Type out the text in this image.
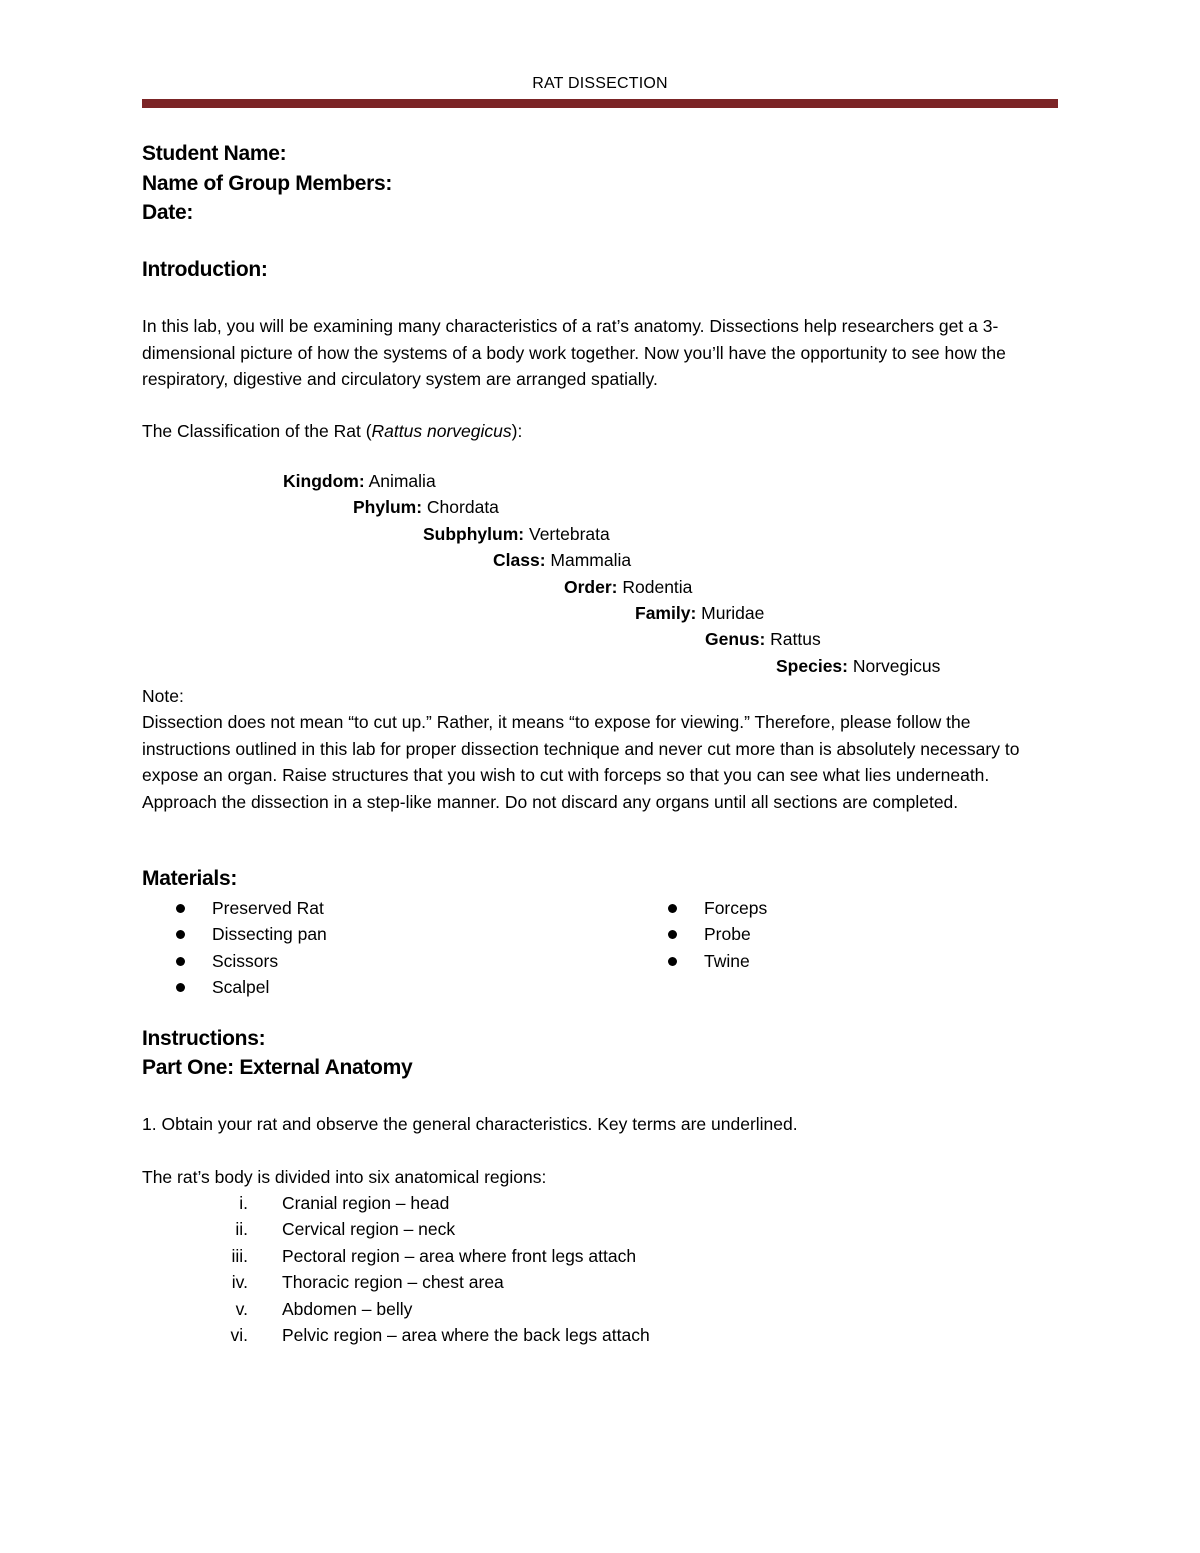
RAT DISSECTION
Student Name:
Name of Group Members:
Date:
Introduction:
In this lab, you will be examining many characteristics of a rat’s anatomy. Dissections help researchers get a 3-dimensional picture of how the systems of a body work together. Now you’ll have the opportunity to see how the respiratory, digestive and circulatory system are arranged spatially.
The Classification of the Rat (Rattus norvegicus):
Kingdom: Animalia
Phylum: Chordata
Subphylum: Vertebrata
Class: Mammalia
Order: Rodentia
Family: Muridae
Genus: Rattus
Species: Norvegicus
Note:
Dissection does not mean “to cut up.” Rather, it means “to expose for viewing.” Therefore, please follow the instructions outlined in this lab for proper dissection technique and never cut more than is absolutely necessary to expose an organ. Raise structures that you wish to cut with forceps so that you can see what lies underneath. Approach the dissection in a step-like manner. Do not discard any organs until all sections are completed.
Materials:
Preserved Rat
Dissecting pan
Scissors
Scalpel
Forceps
Probe
Twine
Instructions:
Part One: External Anatomy
1. Obtain your rat and observe the general characteristics. Key terms are underlined.
The rat’s body is divided into six anatomical regions:
i. Cranial region – head
ii. Cervical region – neck
iii. Pectoral region – area where front legs attach
iv. Thoracic region – chest area
v. Abdomen – belly
vi. Pelvic region – area where the back legs attach
